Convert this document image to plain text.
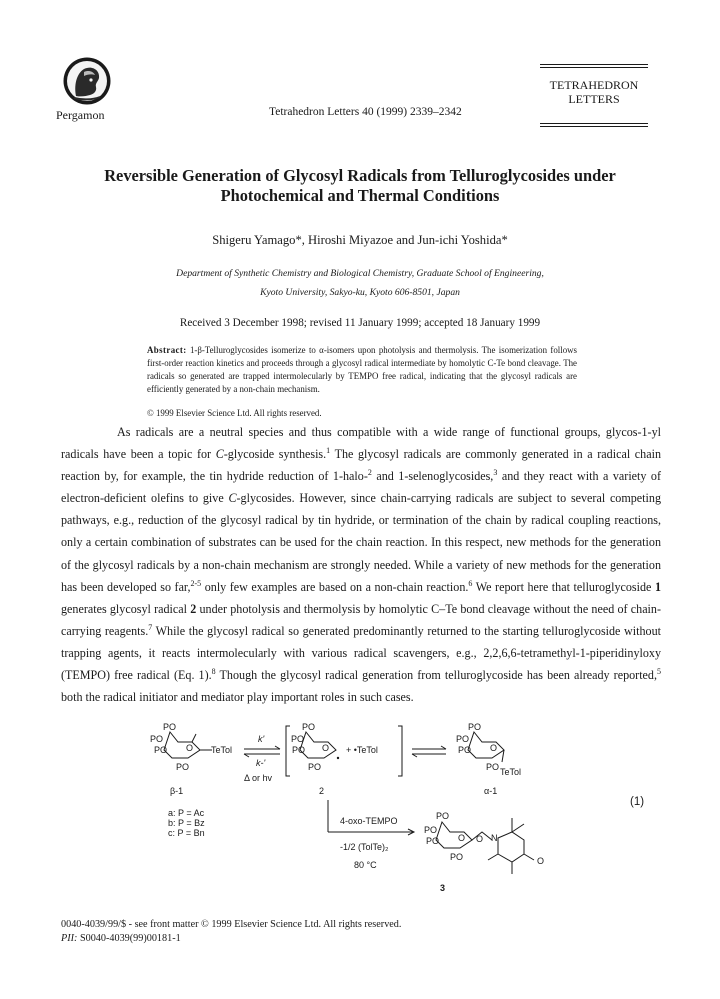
Pergamon	Tetrahedron Letters 40 (1999) 2339–2342
TETRAHEDRON
LETTERS
Reversible Generation of Glycosyl Radicals from Telluroglycosides under
Photochemical and Thermal Conditions
Shigeru Yamago*, Hiroshi Miyazoe and Jun-ichi Yoshida*
Department of Synthetic Chemistry and Biological Chemistry, Graduate School of Engineering,
Kyoto University, Sakyo-ku, Kyoto 606-8501, Japan
Received 3 December 1998; revised 11 January 1999; accepted 18 January 1999
Abstract: 1-β-Telluroglycosides isomerize to α-isomers upon photolysis and thermolysis. The isomerization follows first-order reaction kinetics and proceeds through a glycosyl radical intermediate by homolytic C-Te bond cleavage. The radicals so generated are trapped intermolecularly by TEMPO free radical, indicating that the glycosyl radicals are efficiently generated by a non-chain mechanism.
© 1999 Elsevier Science Ltd. All rights reserved.

As radicals are a neutral species and thus compatible with a wide range of functional groups, glycos-1-yl radicals have been a topic for C-glycoside synthesis.$^1$ The glycosyl radicals are commonly generated in a radical chain reaction by, for example, the tin hydride reduction of 1-halo-$^2$ and 1-selenoglycosides,$^3$ and they react with a variety of electron-deficient olefins to give C-glycosides. However, since chain-carrying radicals are subject to several competing pathways, e.g., reduction of the glycosyl radical by tin hydride, or termination of the chain by radical coupling reactions, only a certain combination of substrates can be used for the chain reaction. In this respect, new methods for the generation of the glycosyl radicals by a non-chain mechanism are strongly needed. While a variety of new methods for the generation has been developed so far,$^{2-5}$ only few examples are based on a non-chain reaction.$^6$ We report here that telluroglycoside 1 generates glycosyl radical 2 under photolysis and thermolysis by homolytic C–Te bond cleavage without the need of chain-carrying reagents.$^7$ While the glycosyl radical so generated predominantly returned to the starting telluroglycoside without trapping agents, it reacts intermolecularly with various radical scavengers, e.g., 2,2,6,6-tetramethyl-1-piperidinyloxy (TEMPO) free radical (Eq. 1).$^8$ Though the glycosyl radical generation from telluroglycoside has been already reported,$^5$ both the radical initiator and mediator play important roles in such cases.

PO
PO
PO O TeTol
PO
β-1
k'
k-'
Δ or hv
PO
PO
PO O
PO
+ •TeTol
2
PO
PO
PO O
PO TeTol
α-1
a: P = Ac
b: P = Bz
c: P = Bn
4-oxo-TEMPO
-1/2 (TolTe)₂
80 °C
PO
PO
PO O O N
O
PO
3
(1)
0040-4039/99/$ - see front matter © 1999 Elsevier Science Ltd. All rights reserved.
PII: S0040-4039(99)00181-1
